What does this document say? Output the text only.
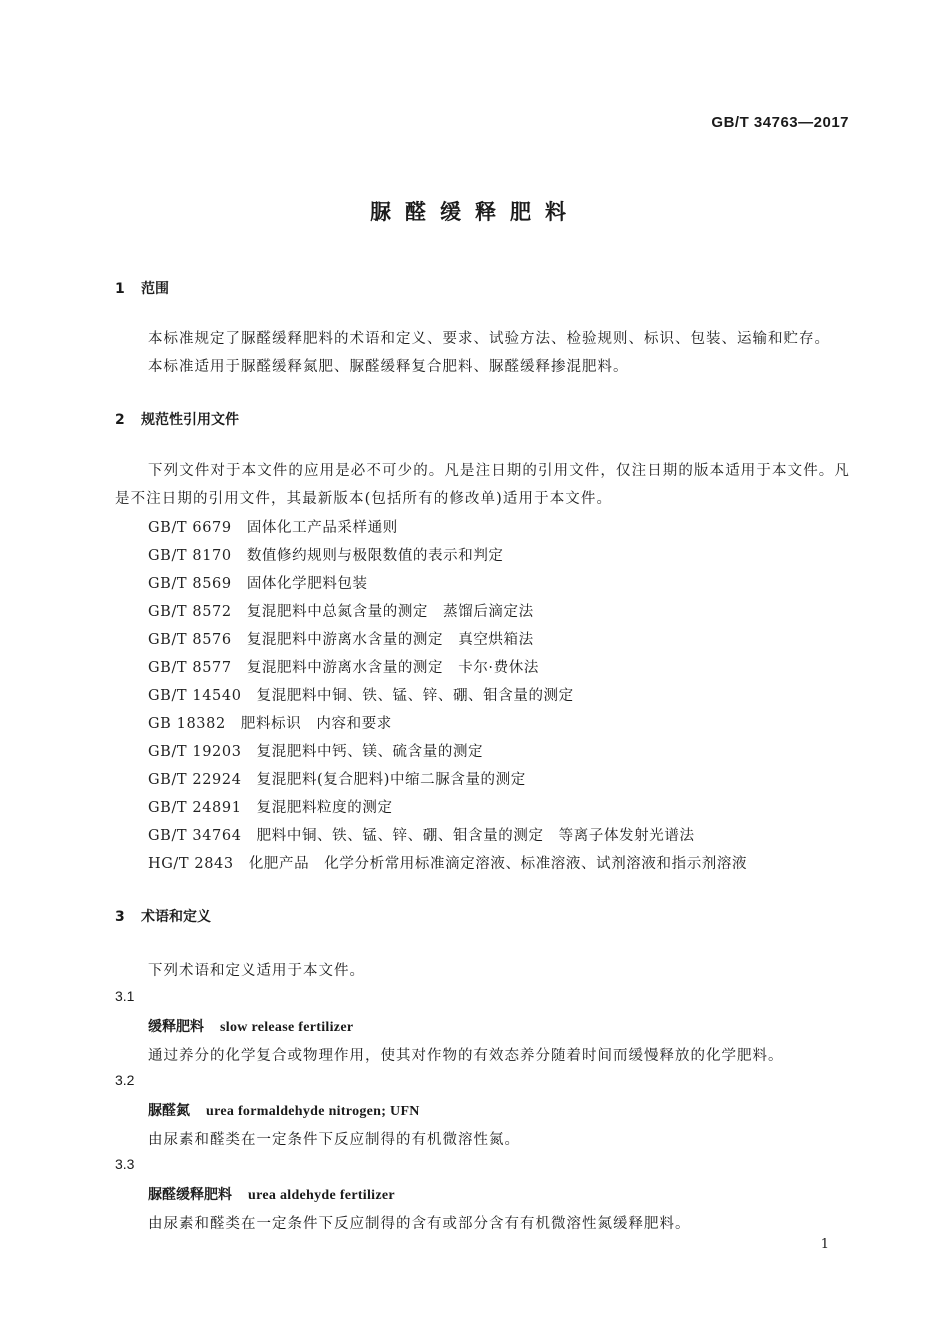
GB/T 34763—2017
脲醛缓释肥料
1 范围
本标准规定了脲醛缓释肥料的术语和定义、要求、试验方法、检验规则、标识、包装、运输和贮存。
本标准适用于脲醛缓释氮肥、脲醛缓释复合肥料、脲醛缓释掺混肥料。
2 规范性引用文件
下列文件对于本文件的应用是必不可少的。凡是注日期的引用文件，仅注日期的版本适用于本文件。凡是不注日期的引用文件，其最新版本(包括所有的修改单)适用于本文件。
GB/T 6679　 固体化工产品采样通则
GB/T 8170　 数值修约规则与极限数值的表示和判定
GB/T 8569　 固体化学肥料包装
GB/T 8572　 复混肥料中总氮含量的测定　蒸馏后滴定法
GB/T 8576　 复混肥料中游离水含量的测定　真空烘箱法
GB/T 8577　 复混肥料中游离水含量的测定　卡尔·费休法
GB/T 14540　 复混肥料中铜、铁、锰、锌、硼、钼含量的测定
GB 18382　 肥料标识　内容和要求
GB/T 19203　 复混肥料中钙、镁、硫含量的测定
GB/T 22924　 复混肥料(复合肥料)中缩二脲含量的测定
GB/T 24891　 复混肥料粒度的测定
GB/T 34764　 肥料中铜、铁、锰、锌、硼、钼含量的测定　等离子体发射光谱法
HG/T 2843　 化肥产品　化学分析常用标准滴定溶液、标准溶液、试剂溶液和指示剂溶液
3 术语和定义
下列术语和定义适用于本文件。
3.1
缓释肥料 slow release fertilizer
通过养分的化学复合或物理作用，使其对作物的有效态养分随着时间而缓慢释放的化学肥料。
3.2
脲醛氮 urea formaldehyde nitrogen; UFN
由尿素和醛类在一定条件下反应制得的有机微溶性氮。
3.3
脲醛缓释肥料 urea aldehyde fertilizer
由尿素和醛类在一定条件下反应制得的含有或部分含有有机微溶性氮缓释肥料。
1
